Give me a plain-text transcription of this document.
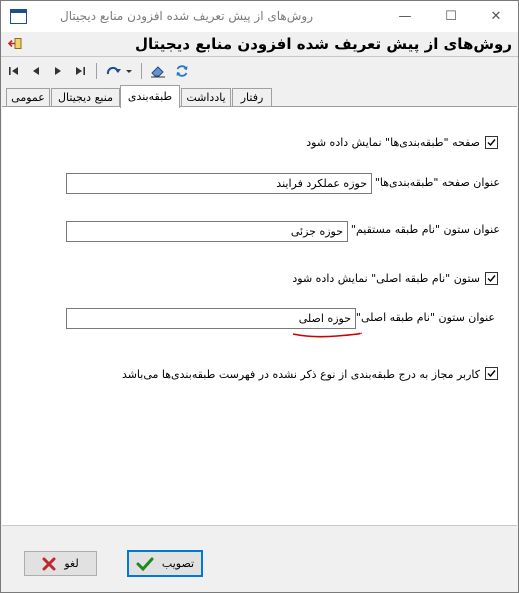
روش‌های از پیش تعریف شده افزودن منابع دیجیتال	—	☐	✕
روش‌های از پیش تعریف شده افزودن منابع دیجیتال
عمومی	منبع دیجیتال	طبقه‌بندی	یادداشت	رفتار
صفحه "طبقه‌بندی‌ها" نمایش داده شود
عنوان صفحه "طبقه‌بندی‌ها"
حوزه عملکرد فرایند
عنوان ستون "نام طبقه مستقیم"
حوزه جزئی
ستون "نام طبقه اصلی" نمایش داده شود
عنوان ستون "نام طبقه اصلی"
حوزه اصلی
کاربر مجاز به درج طبقه‌بندی از نوع ذکر نشده در فهرست طبقه‌بندی‌ها می‌باشد
لغو	تصویب
